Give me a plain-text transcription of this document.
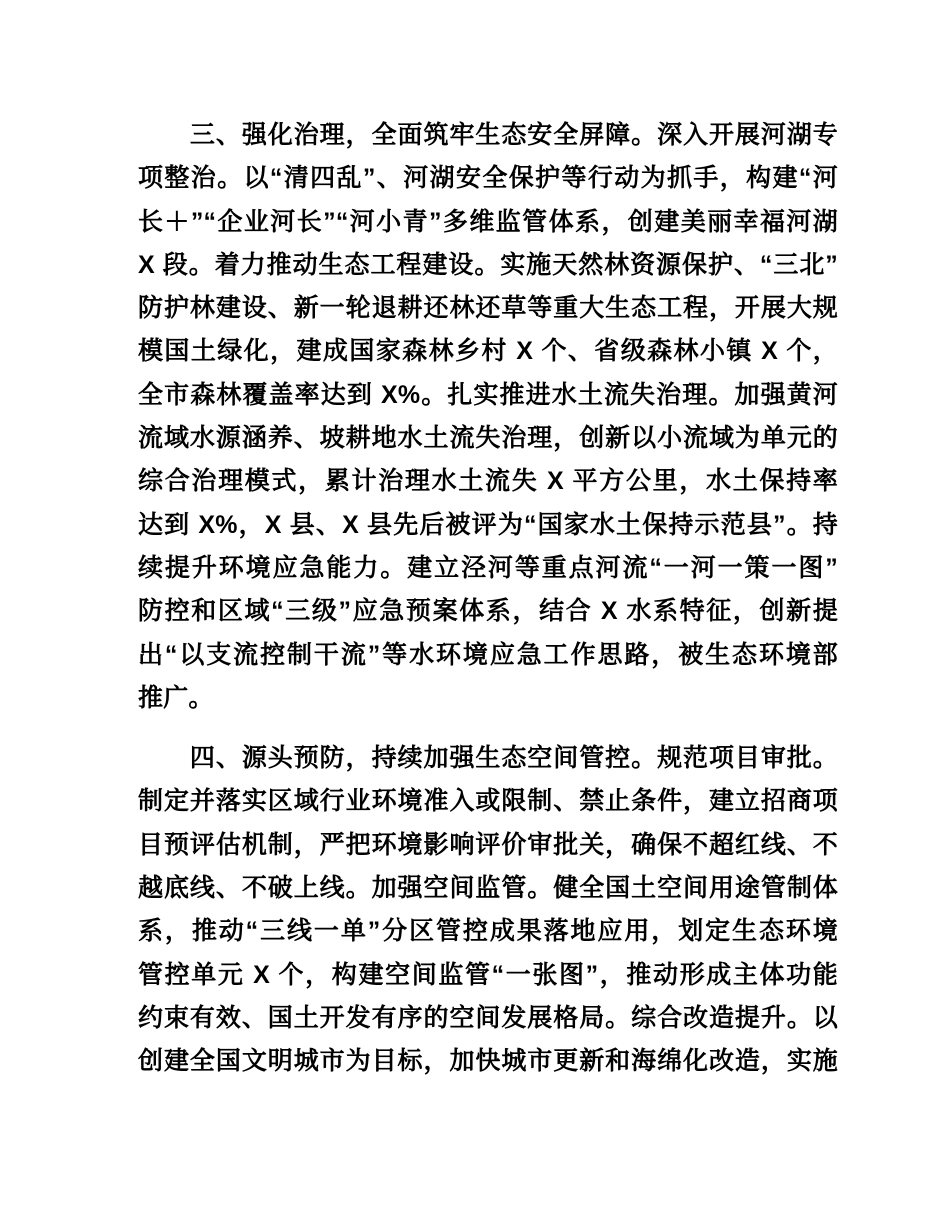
　　三、强化治理，全面筑牢生态安全屏障。深入开展河湖专
项整治。以“清四乱”、河湖安全保护等行动为抓手，构建“河
长＋”“企业河长”“河小青”多维监管体系，创建美丽幸福河湖
X 段。着力推动生态工程建设。实施天然林资源保护、“三北”
防护林建设、新一轮退耕还林还草等重大生态工程，开展大规
模国土绿化，建成国家森林乡村 X 个、省级森林小镇 X 个，
全市森林覆盖率达到 X%。扎实推进水土流失治理。加强黄河
流域水源涵养、坡耕地水土流失治理，创新以小流域为单元的
综合治理模式，累计治理水土流失 X 平方公里，水土保持率
达到 X%，X 县、X 县先后被评为“国家水土保持示范县”。持
续提升环境应急能力。建立泾河等重点河流“一河一策一图”
防控和区域“三级”应急预案体系，结合 X 水系特征，创新提
出“以支流控制干流”等水环境应急工作思路，被生态环境部
推广。
　　四、源头预防，持续加强生态空间管控。规范项目审批。
制定并落实区域行业环境准入或限制、禁止条件，建立招商项
目预评估机制，严把环境影响评价审批关，确保不超红线、不
越底线、不破上线。加强空间监管。健全国土空间用途管制体
系，推动“三线一单”分区管控成果落地应用，划定生态环境
管控单元 X 个，构建空间监管“一张图”，推动形成主体功能
约束有效、国土开发有序的空间发展格局。综合改造提升。以
创建全国文明城市为目标，加快城市更新和海绵化改造，实施
